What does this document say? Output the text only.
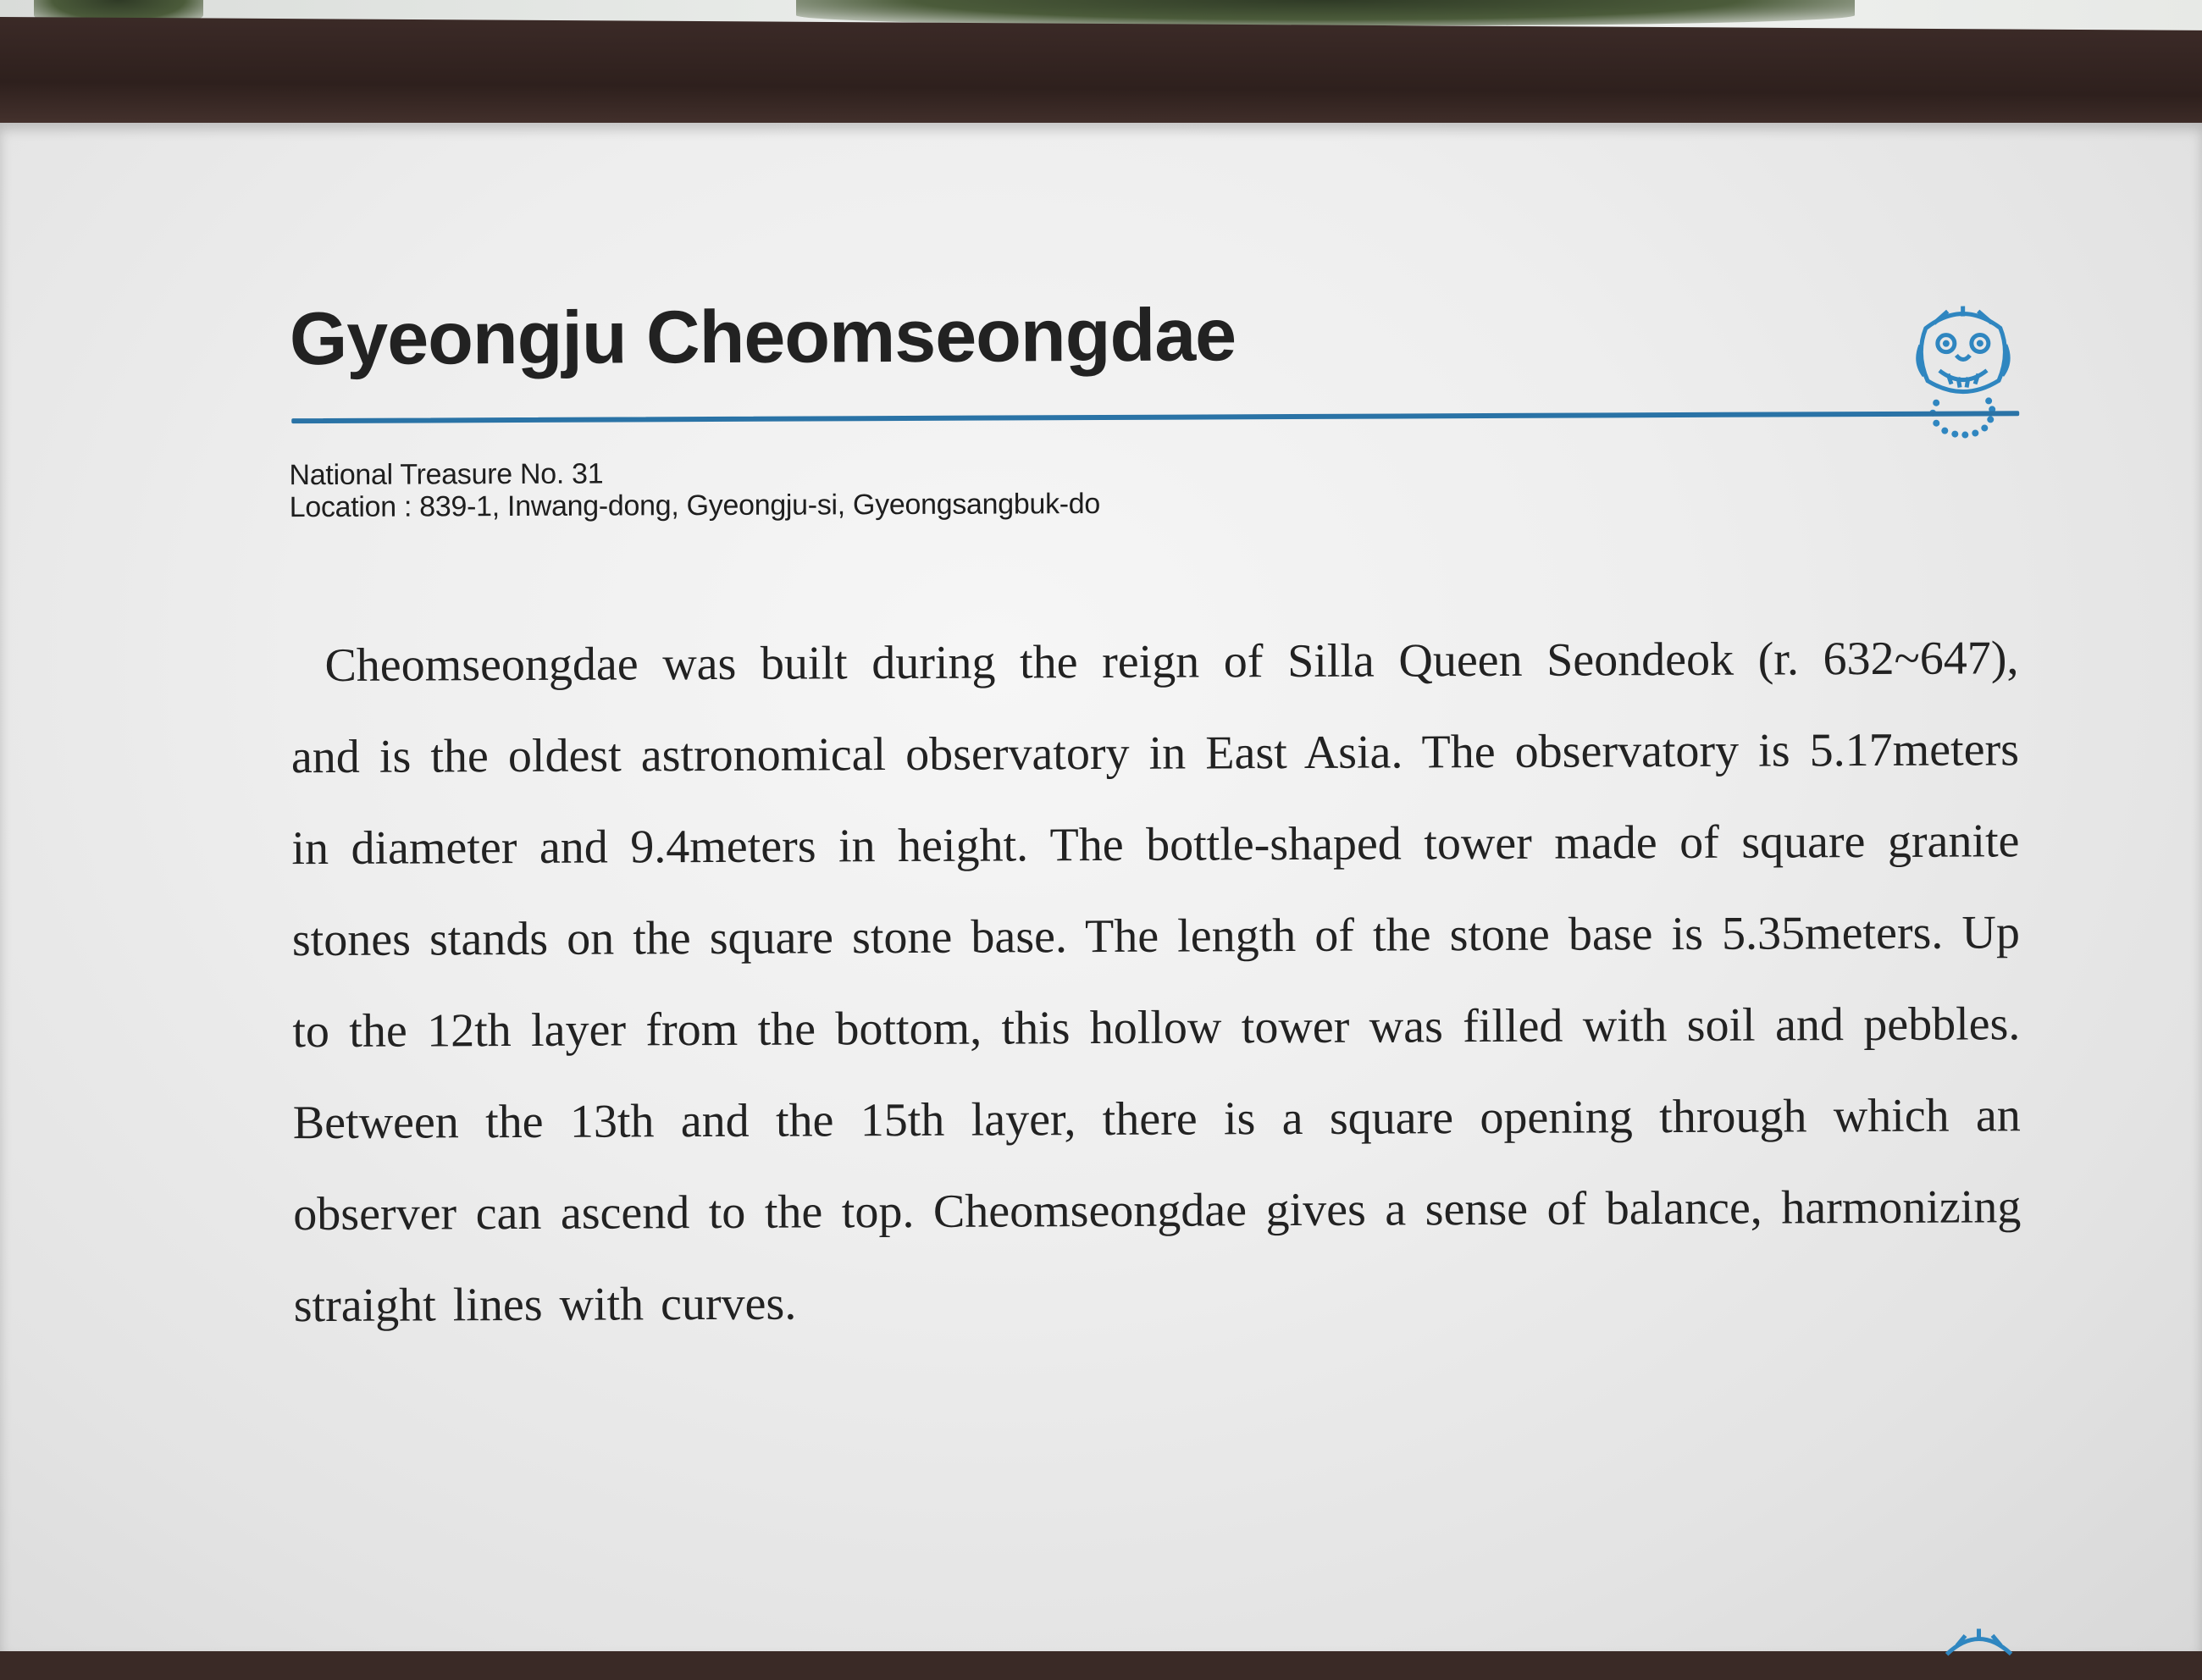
Gyeongju Cheomseongdae
National Treasure No. 31
Location : 839-1, Inwang-dong, Gyeongju-si, Gyeongsangbuk-do
Cheomseongdae was built during the reign of Silla Queen Seondeok (r. 632~647), and is the oldest astronomical observatory in East Asia. The observatory is 5.17meters in diameter and 9.4meters in height. The bottle-shaped tower made of square granite stones stands on the square stone base. The length of the stone base is 5.35meters. Up to the 12th layer from the bottom, this hollow tower was filled with soil and pebbles. Between the 13th and the 15th layer, there is a square opening through which an observer can ascend to the top. Cheomseongdae gives a sense of balance, harmonizing straight lines with curves.
